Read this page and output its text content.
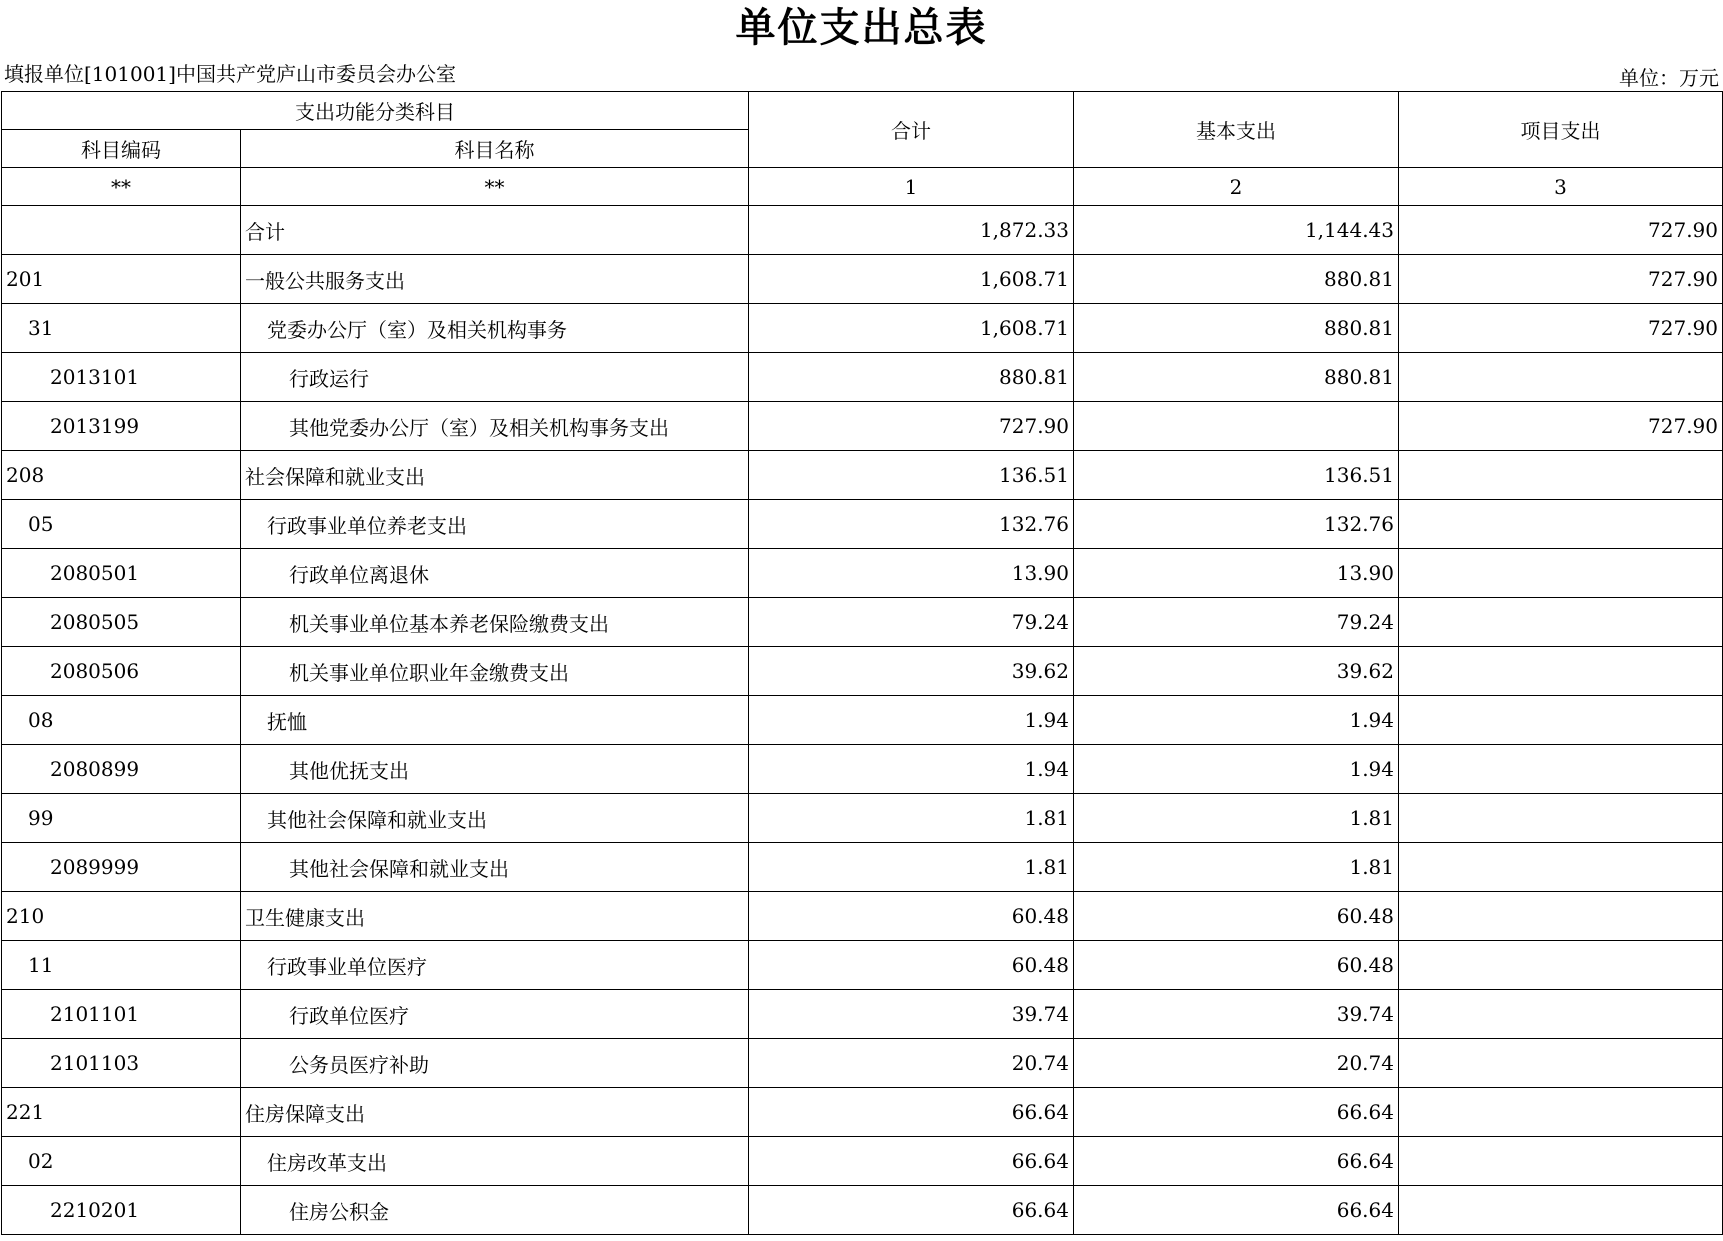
单位支出总表
填报单位[101001]中国共产党庐山市委员会办公室	单位：万元
支出功能分类科目		合计	基本支出	项目支出
科目编码	科目名称			
**	**	1	2	3
	合计	1,872.33	1,144.43	727.90
201	一般公共服务支出	1,608.71	880.81	727.90
31	党委办公厅（室）及相关机构事务	1,608.71	880.81	727.90
2013101	行政运行	880.81	880.81	
2013199	其他党委办公厅（室）及相关机构事务支出	727.90		727.90
208	社会保障和就业支出	136.51	136.51	
05	行政事业单位养老支出	132.76	132.76	
2080501	行政单位离退休	13.90	13.90	
2080505	机关事业单位基本养老保险缴费支出	79.24	79.24	
2080506	机关事业单位职业年金缴费支出	39.62	39.62	
08	抚恤	1.94	1.94	
2080899	其他优抚支出	1.94	1.94	
99	其他社会保障和就业支出	1.81	1.81	
2089999	其他社会保障和就业支出	1.81	1.81	
210	卫生健康支出	60.48	60.48	
11	行政事业单位医疗	60.48	60.48	
2101101	行政单位医疗	39.74	39.74	
2101103	公务员医疗补助	20.74	20.74	
221	住房保障支出	66.64	66.64	
02	住房改革支出	66.64	66.64	
2210201	住房公积金	66.64	66.64	
